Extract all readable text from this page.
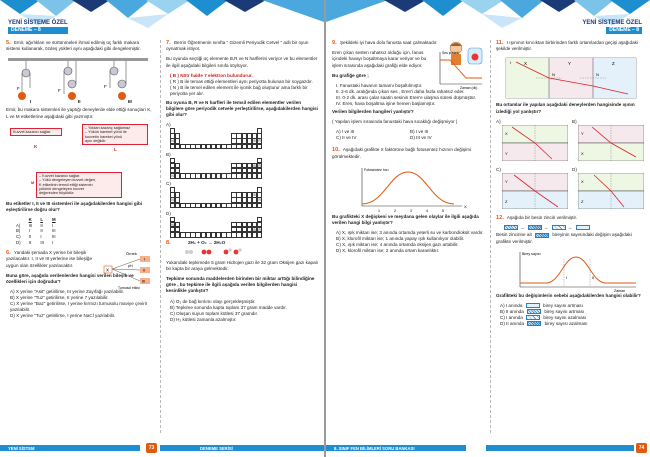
YENİ SİSTEME ÖZEL
DENEME – 8
5. Emir, ağırlıkları ve sürtünmeleri ihmal edilmiş üç farklı makara sistemi kullanarak, özdeş yükleri aynı aşağıdaki gibi dengelemiştir.
F	F
F
I	II	III
Emir, bu makara sistemleri ile yaptığı deneylerde elde ettiği sonuçları K, L ve M etiketlerine aşağıdaki gibi yazmıştır.
Kuvvet kazancı sağlar.
– Yoldan kazanç sağlamaz
– Yükün hareket yönü ile
kuvvetin hareket yönü
aynı değildir.
K
L
– Kuvvet kazancı sağlar.
– Yükü dengeleyen kuvvet değeri,
K etiketinin temsil ettiği sistemin
yükünü dengeleyen kuvvet
değerinden büyüktür.
M
Bu etiketler I, II ve III sistemleri ile aşağıdakilerden hangisi gibi eşleştirilirse doğru olur?
	K	L	M
A)	III	II	I
B)	I	II	III
C)	II	I	III
D)	II	III	I
6. Yandaki şemada X yerine bir bileşik yazılacaktır. I, II ve III yerlerine ise bileşiğe uygun olan özellikler yazılacaktır.
Örnek
X
I
II
III
pH
Turnusol etkisi
Buna göre, aşağıda verilenlerden hangisi verilen bileşik ve özellikleri için doğrudur?
A) X yerine "Asit" getirilirse, III yerine Zayıfağı yazılabilir.
B) X yerine "Tuz" getirilirse, II yerine 7 yazılabilir.
C) X yerine "Baz" getirilirse, I yerine kırmızı turnusolu maviye çevirir yazılabilir.
D) X yerine "Tuz" getirilirse, I yerine NaCl yazılabilir.
7. Berrin Öğretmenin sınıfta " Gizemli Periyodik Cetvel " adlı bir oyun oynatmak istiyor.
Bu oyunda seçtiği üç elemente B,R ve N harflerini veriyor ve bu elementler ile ilgili aşağıdaki bilgileri sınıfa söylüyor.
( B ) Nötr halde 7 elektron bulundurur.
( R ) B ile temas ettiği elementleri aynı periyotta bulunan bir soygazdır.
( N ) B ile temel edilen element ile iyonik bağ oluşturur ama farklı bir periyotta yer alır.
Bu oyuna B, R ve N harfleri ile temsil edilen elementler verilen bilgilere göre periyodik cetvele yerleştirilirse, aşağıdakilerden hangisi gibi olur?
A)
N	B R
B)
B R
N
C)
B
N	R
D)
N
B R
8.	2H₂ + O₂ → 2H₂O
Yukarıdaki tepkimede 5 gram Hidrojen gazı ile 32 gram Oksijen gazı kapalı bir kapta bir araya gelmektedir.
Tepkime sonunda maddelerden birinden bir miktar arttığı bilindiğine göre , bu tepkime ile ilgili aşağıda verilen bilgilerden hangisi kesinlikle yanlıştır?
A) O₂ de bağ kırılımı olayı gerçekleşmiştir.
B) Tepkime sonunda kapta toplam 37 gram madde vardır.
C) Oluşan suyun toplam kütlesi 37 gramdır.
D) H₂ kütlesi zamanla azalmıştır.
YENİ SİSTEM	73	DENEME SERİSİ
YENİ SİSTEME ÖZEL
DENEME – 8
9. Şekildeki iyi hava dolu fanusta saat çalmaktadır.
Eren çıkan sesten rahatsız olduğu için, fanus içindeki havayı boşaltmaya karar veriyor ve bu işlem sırasında aşağıdaki grafiği elde ediyor.
Ses şiddeti
Zaman (dk)
Bu grafiğe göre ;
I. Fanustaki havanın tamamı boşaltılmıştır.
II. 2-6 dk. aralığında çıkan ses , Eren'i daha fazla rahatsız eder.
III. 0-2 dk. arası çalar saatin sesinin Eren'e ulaşma süresi düşmüştür.
IV. Eren, hava boşaltma işine hemen başlamıştır.
Verilen bilgilerden hangileri yanlıştır?
( Yapılan işlem sırasında fanustaki hava sıcaklığı değişmiyor )
A) I ve III	B) I ve III
C) II ve IV	D) III ve IV
10. Aşağıdaki grafikte X faktörüne bağlı fotosentez hızının değişimi görülmektedir.
Fotosentez hızı
X
1	2	3	4	5
Bu grafikteki X değişkeni ve meydana gelen olaylar ile ilgili aşağıda verilen hangi bilgi yanlıştır?
A) X, ışık miktarı ise; 3 anında ortamda yeterli su ve karbondioksit vardır.
B) X, klorofil miktarı ise; 1 anında yapay ışık kullanılıyor olabilir.
C) X, ışık miktarı ise; 4 anında ortamda oksijen gazı artabilir.
D) X, klorofil miktarı ise; 2 anında ortam karanlıktır.
11. I ışınının kırıcıktan birbirinden farklı ortamlardan geçişi aşağıdaki şekilde verilmiştir.
X	Y	Z
N	N
I
Bu ortamlar ile yapılan aşağıdaki deneylerden hangisinde ışının izlediği yol yanlıştır?
A)
X
Y
B)
Y
X
C)
Y
Z
D)
X
Z
12. Aşağıda bir besin zinciri verilmiştir.
→	→	→
Besin zincirine ait	bireyinin sayısındaki değişim aşağıdaki grafikte verilmiştir.
Birey sayısı
Zaman
I	II
Grafikteki bu değişimlerin sebebi aşağıdakilerden hangisi olabilir?
A) I anında	birey sayısı artması
B) II anında	birey sayısı artması
C) I anında	birey sayısı azalması
D) II anında	birey sayısı azalması
8. SINIF FEN BİLİMLERİ SORU BANKASI	74
